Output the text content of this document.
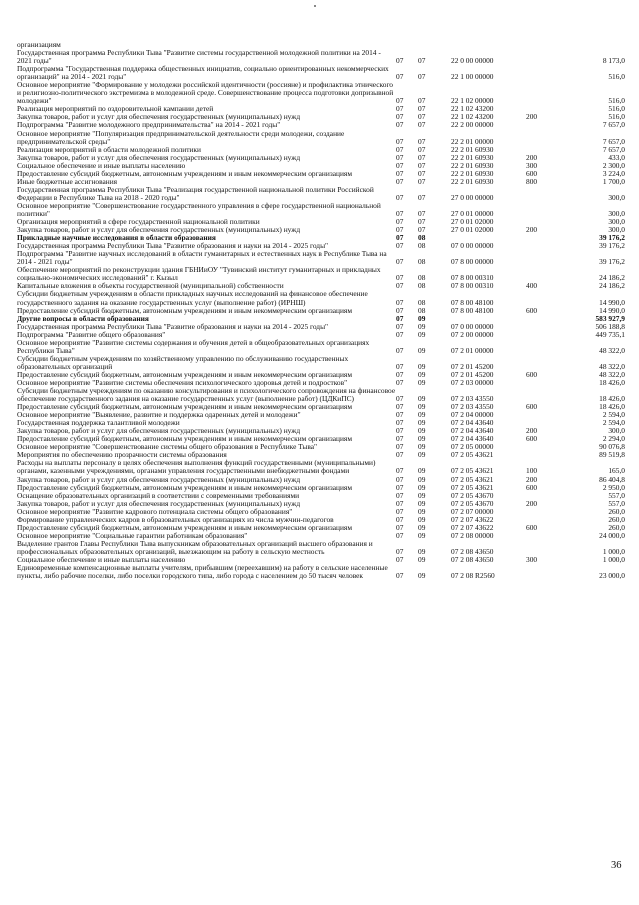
организациям					
Государственная программа Республики Тыва "Развитие системы государственной молодежной политики на 2014 - 2021 годы"	07	07	22 0 00 00000		8 173,0
Подпрограмма "Государственная поддержка общественных инициатив, социально ориентированных некоммерческих организаций" на 2014 - 2021 годы"	07	07	22 1 00 00000		516,0
Основное мероприятие "Формирование у молодежи российской идентичности (россияне) и профилактика этнического и религиозно-политического экстремизма в молодежной среде. Совершенствование процесса подготовки допризывной молодежи"	07	07	22 1 02 00000		516,0
Реализация мероприятий по оздоровительной кампании детей	07	07	22 1 02 43200		516,0
Закупка товаров, работ и услуг для обеспечения государственных (муниципальных) нужд	07	07	22 1 02 43200	200	516,0
Подпрограмма "Развитие молодежного предпринимательства" на 2014 - 2021 годы"	07	07	22 2 00 00000		7 657,0
Основное мероприятие "Популяризация предпринимательской деятельности среди молодежи, создание предпринимательской среды"	07	07	22 2 01 00000		7 657,0
Реализация мероприятий в области молодежной политики	07	07	22 2 01 60930		7 657,0
Закупка товаров, работ и услуг для обеспечения государственных (муниципальных) нужд	07	07	22 2 01 60930	200	433,0
Социальное обеспечение и иные выплаты населению	07	07	22 2 01 60930	300	2 300,0
Предоставление субсидий бюджетным, автономным учреждениям и иным некоммерческим организациям	07	07	22 2 01 60930	600	3 224,0
Иные бюджетные ассигнования	07	07	22 2 01 60930	800	1 700,0
Государственная программа Республики Тыва "Реализация государственной национальной политики Российской Федерации в Республике Тыва на 2018 - 2020 годы"	07	07	27 0 00 00000		300,0
Основное мероприятие "Совершенствование государственного управления в сфере государственной национальной политики"	07	07	27 0 01 00000		300,0
Организация мероприятий в сфере государственной национальной политики	07	07	27 0 01 02000		300,0
Закупка товаров, работ и услуг для обеспечения государственных (муниципальных) нужд	07	07	27 0 01 02000	200	300,0
Прикладные научные исследования в области образования	07	08			39 176,2
Государственная программа Республики Тыва "Развитие образования и науки на 2014 - 2025 годы"	07	08	07 0 00 00000		39 176,2
Подпрограмма "Развитие научных исследований в области гуманитарных и естественных наук в Республике Тыва на 2014 - 2021 годы"	07	08	07 8 00 00000		39 176,2
Обеспечение мероприятий по реконструкции здания ГБНИиОУ "Тувинский институт гуманитарных и прикладных социально-экономических исследований" г. Кызыл	07	08	07 8 00 00310		24 186,2
Капитальные вложения в объекты государственной (муниципальной) собственности	07	08	07 8 00 00310	400	24 186,2
Субсидии бюджетным учреждениям в области прикладных научных исследований на финансовое обеспечение государственного задания на оказание государственных услуг (выполнение работ) (ИРНШ)	07	08	07 8 00 48100		14 990,0
Предоставление субсидий бюджетным, автономным учреждениям и иным некоммерческим организациям	07	08	07 8 00 48100	600	14 990,0
Другие вопросы в области образования	07	09			583 927,9
Государственная программа Республики Тыва "Развитие образования и науки на 2014 - 2025 годы"	07	09	07 0 00 00000		506 188,8
Подпрограмма "Развитие общего образования"	07	09	07 2 00 00000		449 735,1
Основное мероприятие "Развитие системы содержания и обучения детей в общеобразовательных организациях Республики Тыва"	07	09	07 2 01 00000		48 322,0
Субсидии бюджетным учреждениям по хозяйственному управлению по обслуживанию государственных образовательных организаций	07	09	07 2 01 45200		48 322,0
Предоставление субсидий бюджетным, автономным учреждениям и иным некоммерческим организациям	07	09	07 2 01 45200	600	48 322,0
Основное мероприятие "Развитие системы обеспечения психологического здоровья детей и подростков"	07	09	07 2 03 00000		18 426,0
Субсидии бюджетным учреждениям по оказанию консультирования и психологического сопровождения на финансовое обеспечение государственного задания на оказание государственных услуг (выполнение работ) (ЦДКиПС)	07	09	07 2 03 43550		18 426,0
Предоставление субсидий бюджетным, автономным учреждениям и иным некоммерческим организациям	07	09	07 2 03 43550	600	18 426,0
Основное мероприятие "Выявление, развитие и поддержка одаренных детей и молодежи"	07	09	07 2 04 00000		2 594,0
Государственная поддержка талантливой молодежи	07	09	07 2 04 43640		2 594,0
Закупка товаров, работ и услуг для обеспечения государственных (муниципальных) нужд	07	09	07 2 04 43640	200	300,0
Предоставление субсидий бюджетным, автономным учреждениям и иным некоммерческим организациям	07	09	07 2 04 43640	600	2 294,0
Основное мероприятие "Совершенствование системы общего образования в Республике Тыва"	07	09	07 2 05 00000		90 076,8
Мероприятия по обеспечению прозрачности системы образования	07	09	07 2 05 43621		89 519,8
Расходы на выплаты персоналу в целях обеспечения выполнения функций государственными (муниципальными) органами, казенными учреждениями, органами управления государственными внебюджетными фондами	07	09	07 2 05 43621	100	165,0
Закупка товаров, работ и услуг для обеспечения государственных (муниципальных) нужд	07	09	07 2 05 43621	200	86 404,8
Предоставление субсидий бюджетным, автономным учреждениям и иным некоммерческим организациям	07	09	07 2 05 43621	600	2 950,0
Оснащение образовательных организаций в соответствии с современными требованиями	07	09	07 2 05 43670		557,0
Закупка товаров, работ и услуг для обеспечения государственных (муниципальных) нужд	07	09	07 2 05 43670	200	557,0
Основное мероприятие "Развитие кадрового потенциала системы общего образования"	07	09	07 2 07 00000		260,0
Формирование управленческих кадров в образовательных организациях из числа мужчин-педагогов	07	09	07 2 07 43622		260,0
Предоставление субсидий бюджетным, автономным учреждениям и иным некоммерческим организациям	07	09	07 2 07 43622	600	260,0
Основное мероприятие "Социальные гарантии работникам образования"	07	09	07 2 08 00000		24 000,0
Выделение грантов Главы Республики Тыва выпускникам образовательных организаций высшего образования и профессиональных образовательных организаций, выезжающим на работу в сельскую местность	07	09	07 2 08 43650		1 000,0
Социальное обеспечение и иные выплаты населению	07	09	07 2 08 43650	300	1 000,0
Единовременные компенсационные выплаты учителям, прибывшим (переехавшим) на работу в сельские населенные пункты, либо рабочие поселки, либо поселки городского типа, либо города с населением до 50 тысяч человек	07	09	07 2 08 R2560		23 000,0
36
